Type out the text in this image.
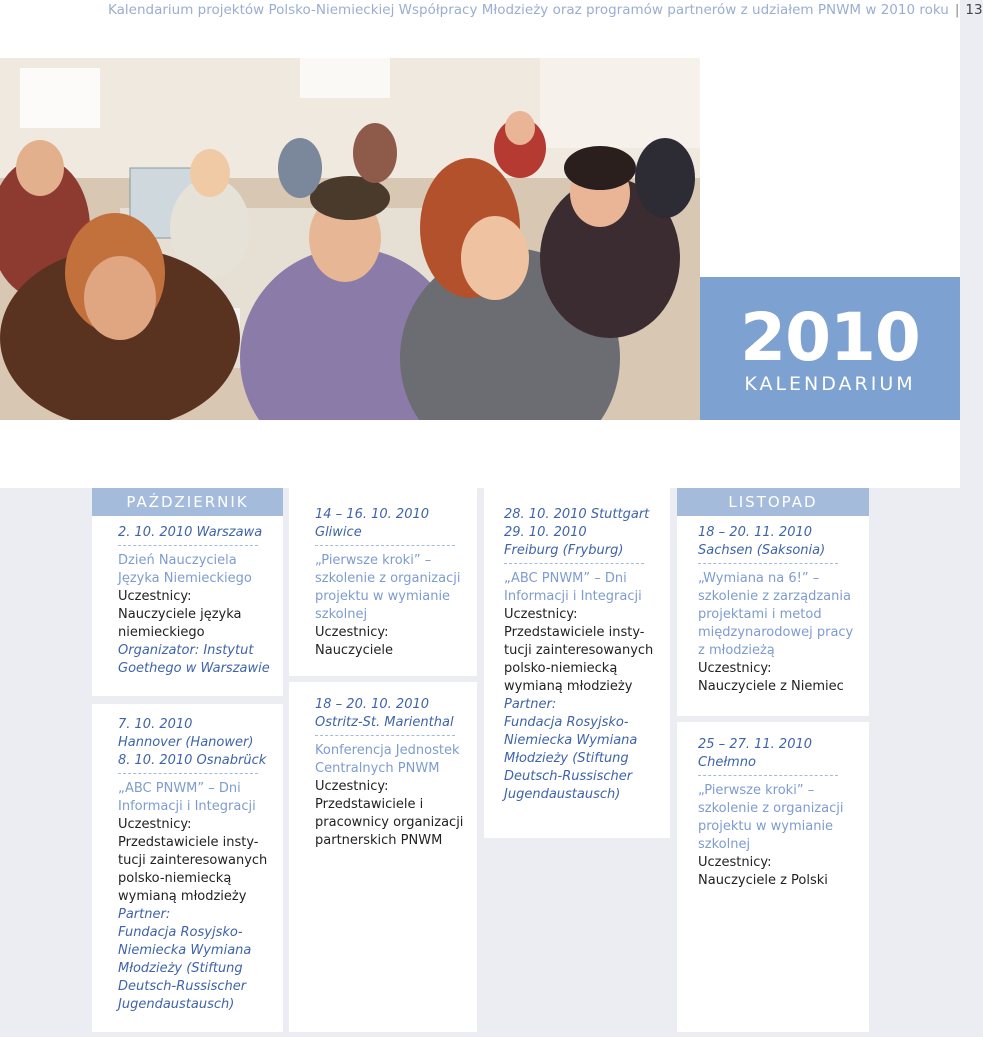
Kalendarium projektów Polsko-Niemieckiej Współpracy Młodzieży oraz programów partnerów z udziałem PNWM w 2010 roku | 13
2010
KALENDARIUM
PAŹDZIERNIK
2. 10. 2010 Warszawa
Dzień Nauczyciela Języka Niemieckiego
Uczestnicy:
Nauczyciele języka niemieckiego
Organizator: Instytut Goethego w Warszawie
7. 10. 2010
Hannover (Hanower)
8. 10. 2010 Osnabrück
„ABC PNWM” – Dni Informacji i Integracji
Uczestnicy:
Przedstawiciele insty-tucji zainteresowanych polsko-niemiecką wymianą młodzieży
Partner:
Fundacja Rosyjsko-Niemiecka Wymiana Młodzieży (Stiftung Deutsch-Russischer Jugendaustausch)
14 – 16. 10. 2010
Gliwice
„Pierwsze kroki” – szkolenie z organizacji projektu w wymianie szkolnej
Uczestnicy:
Nauczyciele
18 – 20. 10. 2010
Ostritz-St. Marienthal
Konferencja Jednostek Centralnych PNWM
Uczestnicy:
Przedstawiciele i pracownicy organizacji partnerskich PNWM
28. 10. 2010 Stuttgart
29. 10. 2010
Freiburg (Fryburg)
„ABC PNWM” – Dni Informacji i Integracji
Uczestnicy:
Przedstawiciele insty-tucji zainteresowanych polsko-niemiecką wymianą młodzieży
Partner:
Fundacja Rosyjsko-Niemiecka Wymiana Młodzieży (Stiftung Deutsch-Russischer Jugendaustausch)
LISTOPAD
18 – 20. 11. 2010
Sachsen (Saksonia)
„Wymiana na 6!” – szkolenie z zarządzania projektami i metod międzynarodowej pracy z młodzieżą
Uczestnicy:
Nauczyciele z Niemiec
25 – 27. 11. 2010
Chełmno
„Pierwsze kroki” – szkolenie z organizacji projektu w wymianie szkolnej
Uczestnicy:
Nauczyciele z Polski
